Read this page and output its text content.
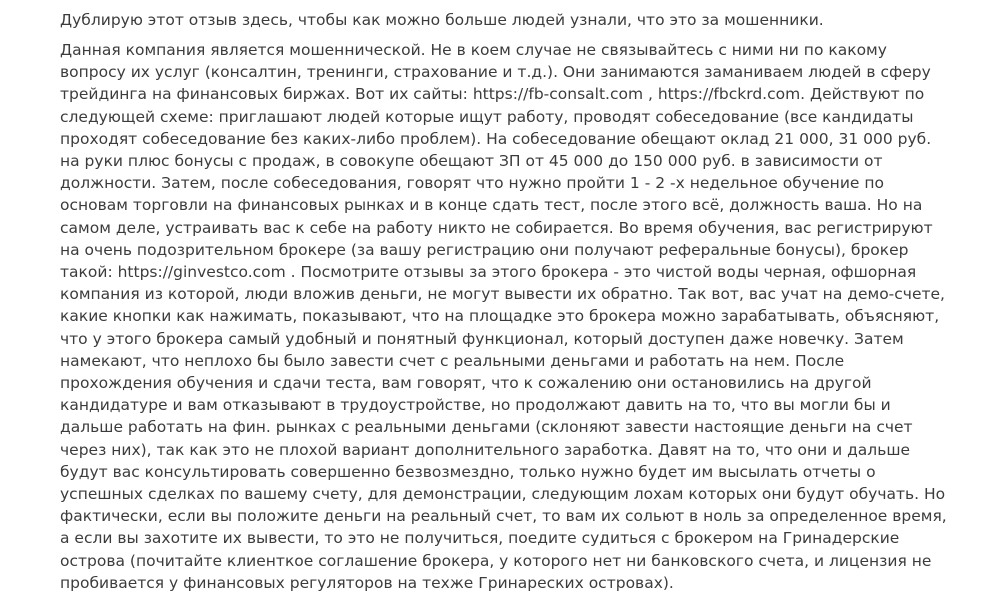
Дублирую этот отзыв здесь, чтобы как можно больше людей узнали, что это за мошенники.

Данная компания является мошеннической. Не в коем случае не связывайтесь с ними ни по какому
вопросу их услуг (консалтин, тренинги, страхование и т.д.). Они занимаются заманиваем людей в сферу
трейдинга на финансовых биржах. Вот их сайты: https://fb-consalt.com , https://fbckrd.com. Действуют по
следующей схеме: приглашают людей которые ищут работу, проводят собеседование (все кандидаты
проходят собеседование без каких-либо проблем). На собеседование обещают оклад 21 000, 31 000 руб.
на руки плюс бонусы с продаж, в совокупе обещают ЗП от 45 000 до 150 000 руб. в зависимости от
должности. Затем, после собеседования, говорят что нужно пройти 1 - 2 -х недельное обучение по
основам торговли на финансовых рынках и в конце сдать тест, после этого всё, должность ваша. Но на
самом деле, устраивать вас к себе на работу никто не собирается. Во время обучения, вас регистрируют
на очень подозрительном брокере (за вашу регистрацию они получают реферальные бонусы), брокер
такой: https://ginvestco.com . Посмотрите отзывы за этого брокера - это чистой воды черная, офшорная
компания из которой, люди вложив деньги, не могут вывести их обратно. Так вот, вас учат на демо-счете,
какие кнопки как нажимать, показывают, что на площадке это брокера можно зарабатывать, объясняют,
что у этого брокера самый удобный и понятный функционал, который доступен даже новечку. Затем
намекают, что неплохо бы было завести счет с реальными деньгами и работать на нем. После
прохождения обучения и сдачи теста, вам говорят, что к сожалению они остановились на другой
кандидатуре и вам отказывают в трудоустройстве, но продолжают давить на то, что вы могли бы и
дальше работать на фин. рынках с реальными деньгами (склоняют завести настоящие деньги на счет
через них), так как это не плохой вариант дополнительного заработка. Давят на то, что они и дальше
будут вас консультировать совершенно безвозмездно, только нужно будет им высылать отчеты о
успешных сделках по вашему счету, для демонстрации, следующим лохам которых они будут обучать. Но
фактически, если вы положите деньги на реальный счет, то вам их сольют в ноль за определенное время,
а если вы захотите их вывести, то это не получиться, поедите судиться с брокером на Гринадерские
острова (почитайте клиенткое соглашение брокера, у которого нет ни банковского счета, и лицензия не
пробивается у финансовых регуляторов на техже Гринареских островах).
